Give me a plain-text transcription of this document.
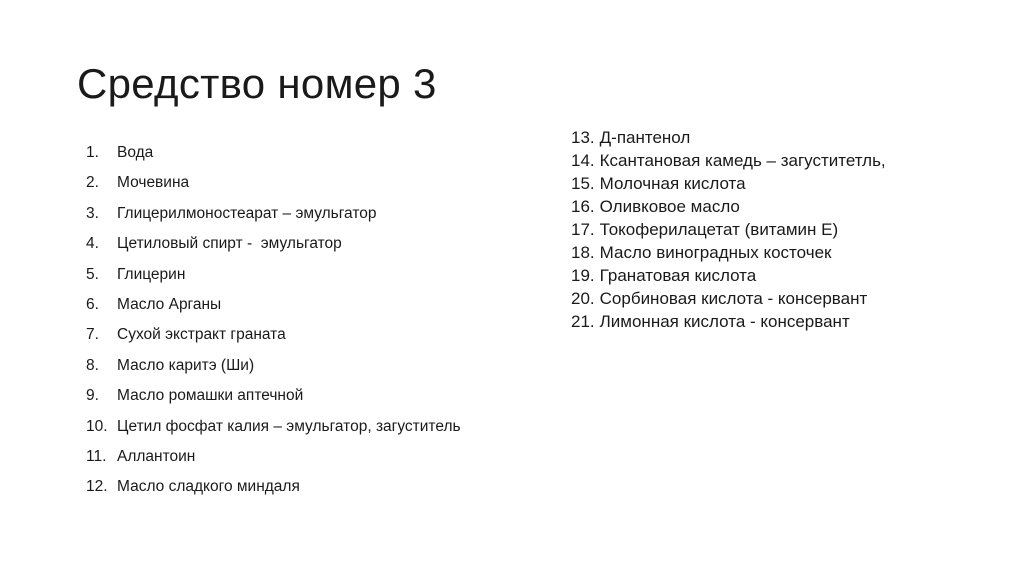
Средство номер 3
1.	Вода
2.	Мочевина
3.	Глицерилмоностеарат – эмульгатор
4.	Цетиловый спирт -  эмульгатор
5.	Глицерин
6.	Масло Арганы
7.	Сухой экстракт граната
8.	Масло каритэ (Ши)
9.	Масло ромашки аптечной
10. Цетил фосфат калия – эмульгатор, загуститель
11. Аллантоин
12. Масло сладкого миндаля
13. Д-пантенол
14. Ксантановая камедь – загуститетль,
15. Молочная кислота
16. Оливковое масло
17. Токоферилацетат (витамин Е)
18. Масло виноградных косточек
19. Гранатовая кислота
20. Сорбиновая кислота - консервант
21. Лимонная кислота - консервант
